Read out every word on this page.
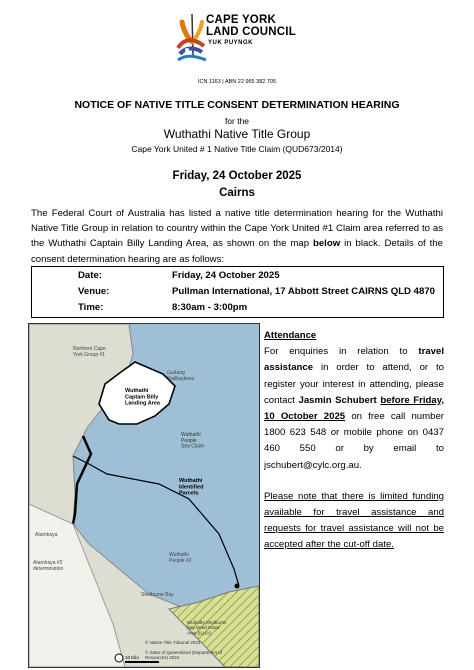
CAPE YORK
LAND COUNCIL
YUK PUYNGK
ICN 1163 | ABN 22 965 382 705
NOTICE OF NATIVE TITLE CONSENT DETERMINATION HEARING
for the
Wuthathi Native Title Group
Cape York United # 1 Native Title Claim (QUD673/2014)
Friday, 24 October 2025
Cairns
The Federal Court of Australia has listed a native title determination hearing for the Wuthathi Native Title Group in relation to country within the Cape York United #1 Claim area referred to as the Wuthathi Captain Billy Landing Area, as shown on the map below in black. Details of the consent determination hearing are as follows:
Date:	Friday, 24 October 2025
Venue:	Pullman International, 17 Abbott Street CAIRNS QLD 4870
Time:	8:30am - 3:00pm
Northern Cape York Group #1
Gudang Yadhaykenu
Wuthathi Captain Billy Landing Area
Wuthathi People Sea Claim
Wuthathi Identified Parcels
Wuthathi People #2
Atambaya
Atambaya #2 determination
Shelburne Bay
Wuthathi Shelburne Bay Deed Grant Area (ILUA)
10 Kilo
© Native Title Tribunal 2024
© State of Queensland (Department of Resources) 2024
Attendance
For enquiries in relation to travel assistance in order to attend, or to register your interest in attending, please contact Jasmin Schubert before Friday, 10 October 2025 on free call number 1800 623 548 or mobile phone on 0437 460 550 or by email to jschubert@cylc.org.au.
Please note that there is limited funding available for travel assistance and requests for travel assistance will not be accepted after the cut-off date.
